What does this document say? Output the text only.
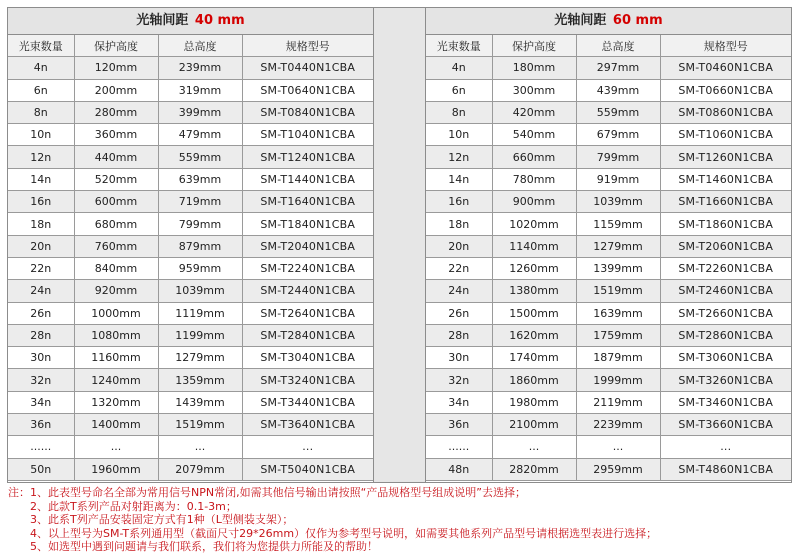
光轴间距 40 mm
光束数量	保护高度	总高度	规格型号
4n	120mm	239mm	SM-T0440N1CBA
6n	200mm	319mm	SM-T0640N1CBA
8n	280mm	399mm	SM-T0840N1CBA
10n	360mm	479mm	SM-T1040N1CBA
12n	440mm	559mm	SM-T1240N1CBA
14n	520mm	639mm	SM-T1440N1CBA
16n	600mm	719mm	SM-T1640N1CBA
18n	680mm	799mm	SM-T1840N1CBA
20n	760mm	879mm	SM-T2040N1CBA
22n	840mm	959mm	SM-T2240N1CBA
24n	920mm	1039mm	SM-T2440N1CBA
26n	1000mm	1119mm	SM-T2640N1CBA
28n	1080mm	1199mm	SM-T2840N1CBA
30n	1160mm	1279mm	SM-T3040N1CBA
32n	1240mm	1359mm	SM-T3240N1CBA
34n	1320mm	1439mm	SM-T3440N1CBA
36n	1400mm	1519mm	SM-T3640N1CBA
......	...	...	...
50n	1960mm	2079mm	SM-T5040N1CBA
光轴间距 60 mm
光束数量	保护高度	总高度	规格型号
4n	180mm	297mm	SM-T0460N1CBA
6n	300mm	439mm	SM-T0660N1CBA
8n	420mm	559mm	SM-T0860N1CBA
10n	540mm	679mm	SM-T1060N1CBA
12n	660mm	799mm	SM-T1260N1CBA
14n	780mm	919mm	SM-T1460N1CBA
16n	900mm	1039mm	SM-T1660N1CBA
18n	1020mm	1159mm	SM-T1860N1CBA
20n	1140mm	1279mm	SM-T2060N1CBA
22n	1260mm	1399mm	SM-T2260N1CBA
24n	1380mm	1519mm	SM-T2460N1CBA
26n	1500mm	1639mm	SM-T2660N1CBA
28n	1620mm	1759mm	SM-T2860N1CBA
30n	1740mm	1879mm	SM-T3060N1CBA
32n	1860mm	1999mm	SM-T3260N1CBA
34n	1980mm	2119mm	SM-T3460N1CBA
36n	2100mm	2239mm	SM-T3660N1CBA
......	...	...	...
48n	2820mm	2959mm	SM-T4860N1CBA
注：1、此表型号命名全部为常用信号NPN常闭,如需其他信号输出请按照“产品规格型号组成说明”去选择；
2、此款T系列产品对射距离为：0.1-3m；
3、此系T列产品安装固定方式有1种（L型侧装支架）；
4、以上型号为SM-T系列通用型（截面尺寸29*26mm）仅作为参考型号说明，如需要其他系列产品型号请根据选型表进行选择；
5、如选型中遇到问题请与我们联系，我们将为您提供力所能及的帮助！
